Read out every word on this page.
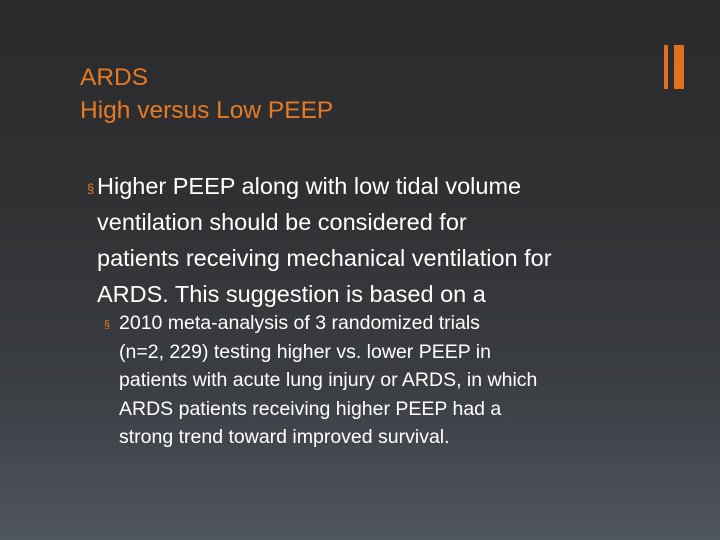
ARDS
High versus Low PEEP
§ Higher PEEP along with low tidal volume
ventilation should be considered for
patients receiving mechanical ventilation for
ARDS. This suggestion is based on a
§ 2010 meta-analysis of 3 randomized trials
(n=2, 229) testing higher vs. lower PEEP in
patients with acute lung injury or ARDS, in which
ARDS patients receiving higher PEEP had a
strong trend toward improved survival.
